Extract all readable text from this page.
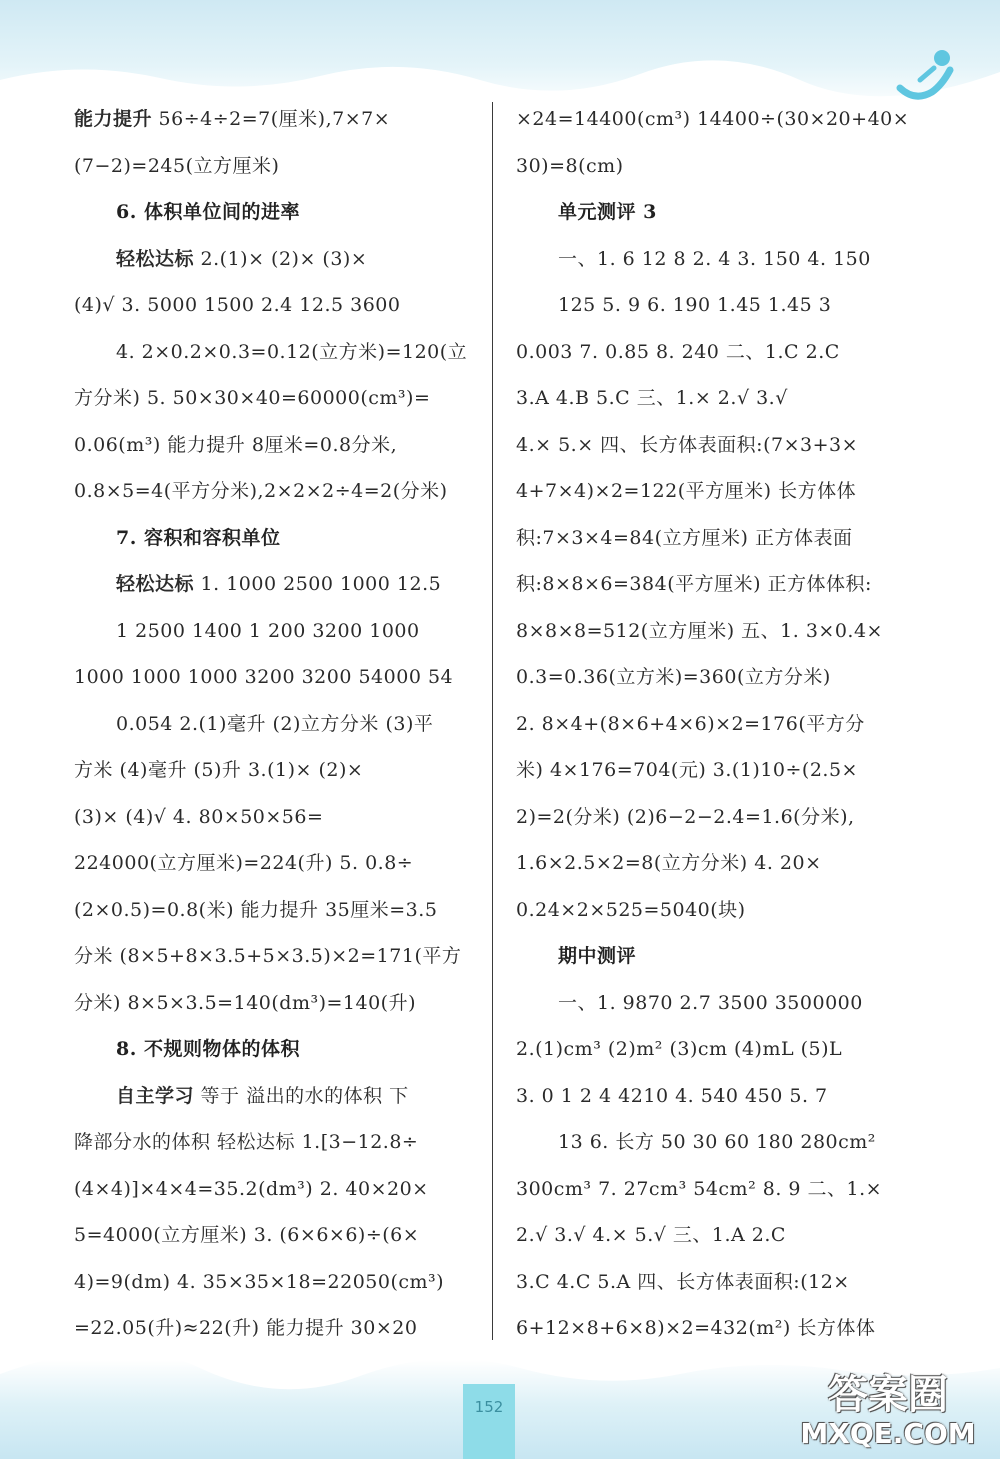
能力提升 56÷4÷2=7(厘米),7×7×
(7−2)=245(立方厘米)
6. 体积单位间的进率
轻松达标 2.(1)× (2)× (3)×
(4)√ 3. 5000 1500 2.4 12.5 3600
4. 2×0.2×0.3=0.12(立方米)=120(立
方分米) 5. 50×30×40=60000(cm³)=
0.06(m³) 能力提升 8厘米=0.8分米,
0.8×5=4(平方分米),2×2×2÷4=2(分米)
7. 容积和容积单位
轻松达标 1. 1000 2500 1000 12.5
1 2500 1400 1 200 3200 1000
1000 1000 1000 3200 3200 54000 54
0.054 2.(1)毫升 (2)立方分米 (3)平
方米 (4)毫升 (5)升 3.(1)× (2)×
(3)× (4)√ 4. 80×50×56=
224000(立方厘米)=224(升) 5. 0.8÷
(2×0.5)=0.8(米) 能力提升 35厘米=3.5
分米 (8×5+8×3.5+5×3.5)×2=171(平方
分米) 8×5×3.5=140(dm³)=140(升)
8. 不规则物体的体积
自主学习 等于 溢出的水的体积 下
降部分水的体积 轻松达标 1.[3−12.8÷
(4×4)]×4×4=35.2(dm³) 2. 40×20×
5=4000(立方厘米) 3. (6×6×6)÷(6×
4)=9(dm) 4. 35×35×18=22050(cm³)
=22.05(升)≈22(升) 能力提升 30×20
×24=14400(cm³) 14400÷(30×20+40×
30)=8(cm)
单元测评 3
一、1. 6 12 8 2. 4 3. 150 4. 150
125 5. 9 6. 190 1.45 1.45 3
0.003 7. 0.85 8. 240 二、1.C 2.C
3.A 4.B 5.C 三、1.× 2.√ 3.√
4.× 5.× 四、长方体表面积:(7×3+3×
4+7×4)×2=122(平方厘米) 长方体体
积:7×3×4=84(立方厘米) 正方体表面
积:8×8×6=384(平方厘米) 正方体体积:
8×8×8=512(立方厘米) 五、1. 3×0.4×
0.3=0.36(立方米)=360(立方分米)
2. 8×4+(8×6+4×6)×2=176(平方分
米) 4×176=704(元) 3.(1)10÷(2.5×
2)=2(分米) (2)6−2−2.4=1.6(分米),
1.6×2.5×2=8(立方分米) 4. 20×
0.24×2×525=5040(块)
期中测评
一、1. 9870 2.7 3500 3500000
2.(1)cm³ (2)m² (3)cm (4)mL (5)L
3. 0 1 2 4 4210 4. 540 450 5. 7
13 6. 长方 50 30 60 180 280cm²
300cm³ 7. 27cm³ 54cm² 8. 9 二、1.×
2.√ 3.√ 4.× 5.√ 三、1.A 2.C
3.C 4.C 5.A 四、长方体表面积:(12×
6+12×8+6×8)×2=432(m²) 长方体体
152	答案圈
MXQE.COM
